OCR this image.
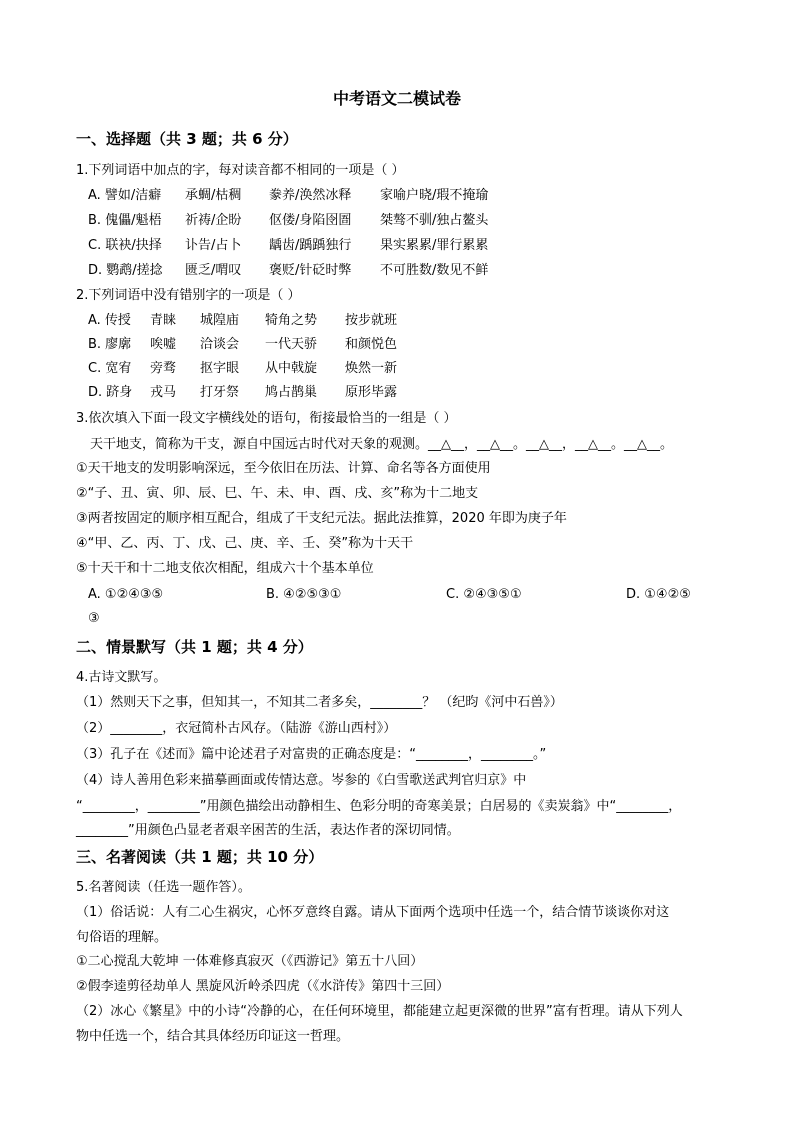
中考语文二模试卷
一、选择题（共 3 题；共 6 分）
1.下列词语中加点的字，每对读音都不相同的一项是（ ）
A. 譬如/洁癖 承蜩/枯稠 豢养/涣然冰释 家喻户晓/瑕不掩瑜
B. 傀儡/魁梧 祈祷/企盼 伛偻/身陷囹圄 桀骜不驯/独占鳌头
C. 联袂/抉择 讣告/占卜 龋齿/踽踽独行 果实累累/罪行累累
D. 鹦鹉/搓捻 匮乏/喟叹 褒贬/针砭时弊 不可胜数/数见不鲜
2.下列词语中没有错别字的一项是（ ）
A. 传授 青睐 城隍庙 犄角之势 按步就班
B. 廖廓 唉嘘 洽谈会 一代天骄 和颜悦色
C. 宽宥 旁骛 抠字眼 从中戟旋 焕然一新
D. 跻身 戎马 打牙祭 鸠占鹊巢 原形毕露
3.依次填入下面一段文字横线处的语句，衔接最恰当的一组是（ ）
天干地支，简称为干支，源自中国远古时代对天象的观测。__△__，__△__。__△__，__△__。__△__。
①天干地支的发明影响深远，至今依旧在历法、计算、命名等各方面使用
②“子、丑、寅、卯、辰、巳、午、未、申、酉、戌、亥”称为十二地支
③两者按固定的顺序相互配合，组成了干支纪元法。据此法推算，2020 年即为庚子年
④“甲、乙、丙、丁、戊、己、庚、辛、壬、癸”称为十天干
⑤十天干和十二地支依次相配，组成六十个基本单位
A. ①②④③⑤	B. ④②⑤③①	C. ②④③⑤①	D. ①④②⑤
③
二、情景默写（共 1 题；共 4 分）
4.古诗文默写。
（1）然则天下之事，但知其一，不知其二者多矣，________？ （纪昀《河中石兽》）
（2）________，衣冠简朴古风存。（陆游《游山西村》）
（3）孔子在《述而》篇中论述君子对富贵的正确态度是：“________，________。”
（4）诗人善用色彩来描摹画面或传情达意。岑参的《白雪歌送武判官归京》中
“________，________”用颜色描绘出动静相生、色彩分明的奇寒美景；白居易的《卖炭翁》中“________，
________”用颜色凸显老者艰辛困苦的生活，表达作者的深切同情。
三、名著阅读（共 1 题；共 10 分）
5.名著阅读（任选一题作答）。
（1）俗话说：人有二心生祸灾，心怀歹意终自露。请从下面两个选项中任选一个，结合情节谈谈你对这
句俗语的理解。
①二心搅乱大乾坤 一体难修真寂灭（《西游记》第五十八回）
②假李逵剪径劫单人 黑旋风沂岭杀四虎（《水浒传》第四十三回）
（2）冰心《繁星》中的小诗“冷静的心，在任何环境里，都能建立起更深微的世界”富有哲理。请从下列人
物中任选一个，结合其具体经历印证这一哲理。
